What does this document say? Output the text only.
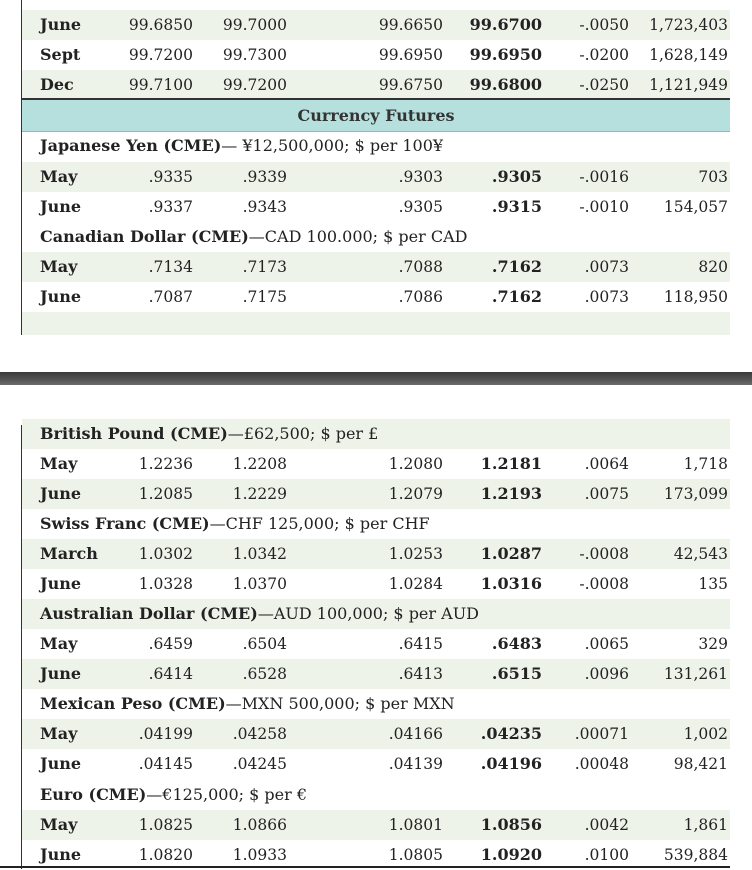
June	99.6850 99.7000	99.6650 99.6700 -.0050 1,723,403
Sept	99.7200 99.7300	99.6950 99.6950 -.0200 1,628,149
Dec	99.7100 99.7200	99.6750 99.6800 -.0250 1,121,949
Currency Futures
Japanese Yen (CME)— ¥12,500,000; $ per 100¥
May	.9335	.9339	.9303	.9305 -.0016	703
June	.9337	.9343	.9305	.9315 -.0010 154,057
Canadian Dollar (CME)—CAD 100.000; $ per CAD
May	.7134	.7173	.7088	.7162	.0073	820
June	.7087	.7175	.7086	.7162	.0073 118,950
British Pound (CME)—£62,500; $ per £
May	1.2236	1.2208	1.2080 1.2181	.0064	1,718
June	1.2085	1.2229	1.2079 1.2193	.0075 173,099
Swiss Franc (CME)—CHF 125,000; $ per CHF
March	1.0302	1.0342	1.0253 1.0287 -.0008	42,543
June	1.0328	1.0370	1.0284 1.0316 -.0008	135
Australian Dollar (CME)—AUD 100,000; $ per AUD
May	.6459	.6504	.6415	.6483	.0065	329
June	.6414	.6528	.6413	.6515	.0096 131,261
Mexican Peso (CME)—MXN 500,000; $ per MXN
May	.04199	.04258	.04166 .04235 .00071	1,002
June	.04145	.04245	.04139 .04196 .00048	98,421
Euro (CME)—€125,000; $ per €
May	1.0825	1.0866	1.0801 1.0856	.0042	1,861
June	1.0820	1.0933	1.0805 1.0920	.0100 539,884
